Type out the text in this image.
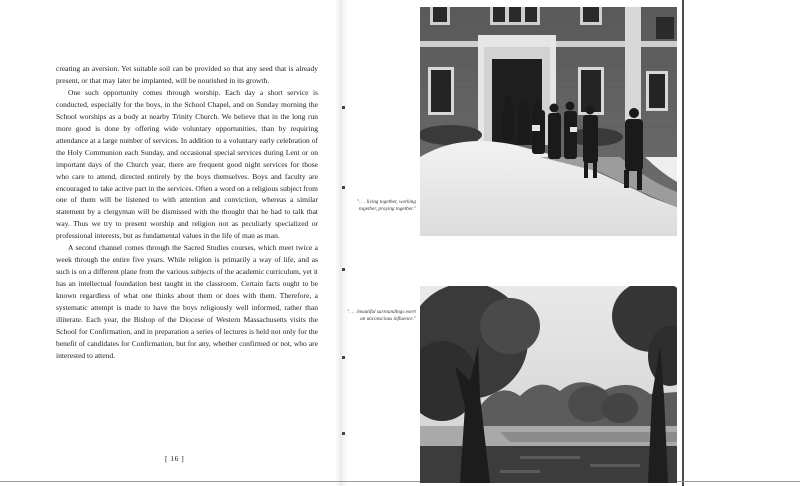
creating an aversion. Yet suitable soil can be provided so that any seed that is already present, or that may later be implanted, will be nourished in its growth.

One such opportunity comes through worship. Each day a short service is conducted, especially for the boys, in the School Chapel, and on Sunday morning the School worships as a body at nearby Trinity Church. We believe that in the long run more good is done by offering wide voluntary opportunities, than by requiring attendance at a large number of services. In addition to a voluntary early celebration of the Holy Communion each Sunday, and occasional special services during Lent or on important days of the Church year, there are frequent good night services for those who care to attend, directed entirely by the boys themselves. Boys and faculty are encouraged to take active part in the services. Often a word on a religious subject from one of them will be listened to with attention and conviction, whereas a similar statement by a clergyman will be dismissed with the thought that he had to talk that way. Thus we try to present worship and religion not as peculiarly specialized or professional interests, but as fundamental values in the life of man as man.

A second channel comes through the Sacred Studies courses, which meet twice a week through the entire five years. While religion is primarily a way of life, and as such is on a different plane from the various subjects of the academic curriculum, yet it has an intellectual foundation best taught in the classroom. Certain facts ought to be known regardless of what one thinks about them or does with them. Therefore, a systematic attempt is made to have the boys religiously well informed, rather than illiterate. Each year, the Bishop of the Diocese of Western Massachusetts visits the School for Confirmation, and in preparation a series of lectures is held not only for the benefit of candidates for Confirmation, but for any, whether confirmed or not, who are interested to attend.

[ 16 ]
". . . living together, working together, praying together."
". . . beautiful surroundings exert an unconscious influence."
